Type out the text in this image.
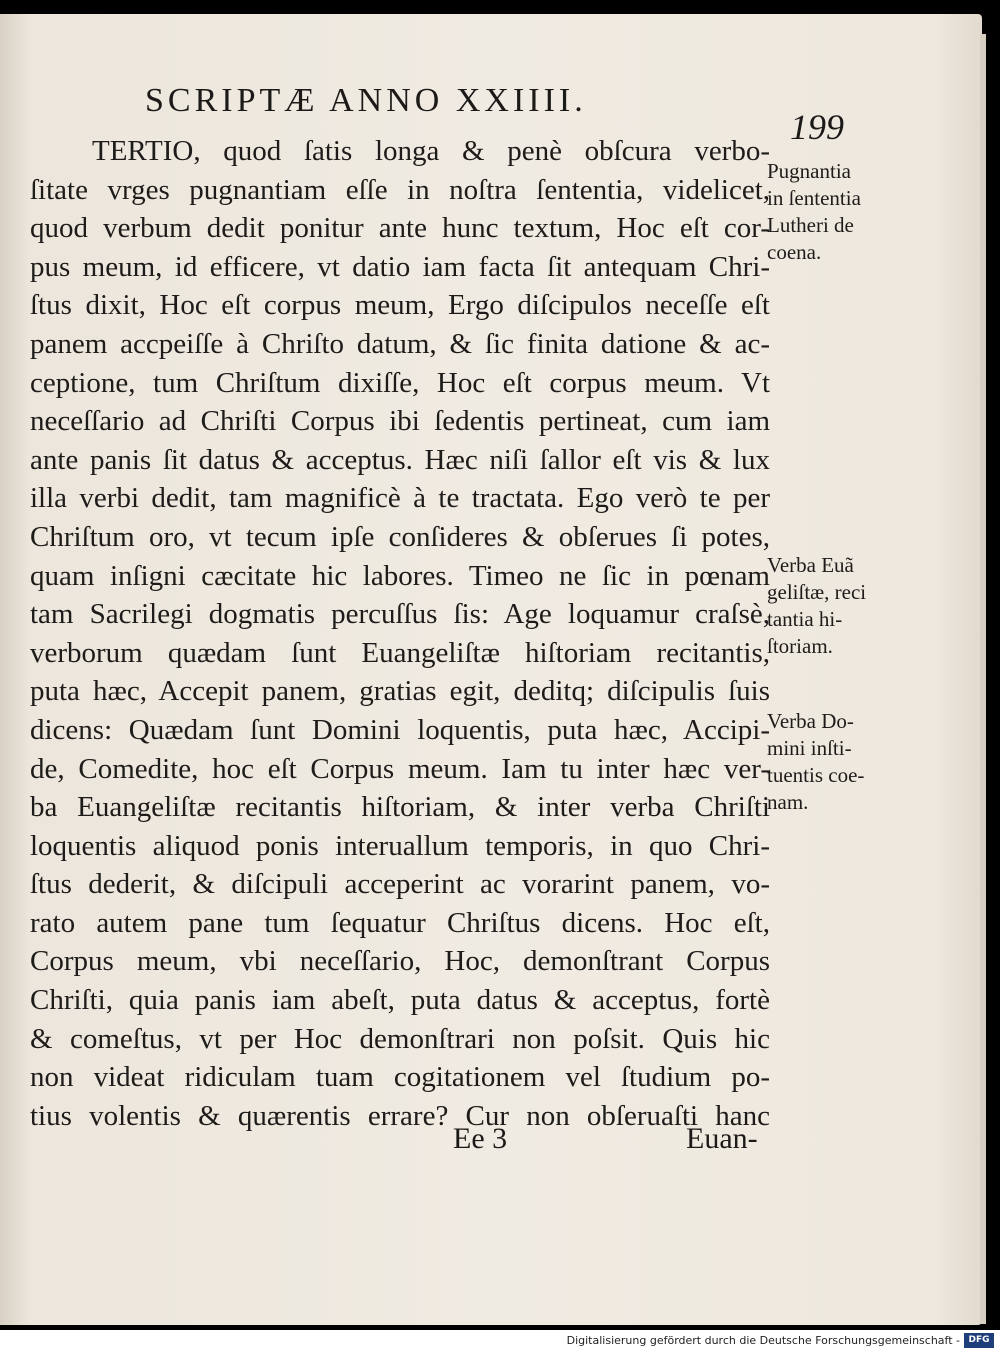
SCRIPTÆ ANNO XXIIII.
199
TERTIO, quod ſatis longa & penè obſcura verbo-
ſitate vrges pugnantiam eſſe in noſtra ſententia, videlicet,
quod verbum dedit ponitur ante hunc textum, Hoc eſt cor-
pus meum, id efficere, vt datio iam facta ſit antequam Chri-
ſtus dixit, Hoc eſt corpus meum, Ergo diſcipulos neceſſe eſt
panem accpeiſſe à Chriſto datum, & ſic finita datione & ac-
ceptione, tum Chriſtum dixiſſe, Hoc eſt corpus meum. Vt
neceſſario ad Chriſti Corpus ibi ſedentis pertineat, cum iam
ante panis ſit datus & acceptus. Hæc niſi ſallor eſt vis & lux
illa verbi dedit, tam magnificè à te tractata. Ego verò te per
Chriſtum oro, vt tecum ipſe conſideres & obſerues ſi potes,
quam inſigni cæcitate hic labores. Timeo ne ſic in pœnam
tam Sacrilegi dogmatis percuſſus ſis: Age loquamur craſsè,
verborum quædam ſunt Euangeliſtæ hiſtoriam recitantis,
puta hæc, Accepit panem, gratias egit, deditq; diſcipulis ſuis
dicens: Quædam ſunt Domini loquentis, puta hæc, Accipi-
de, Comedite, hoc eſt Corpus meum. Iam tu inter hæc ver-
ba Euangeliſtæ recitantis hiſtoriam, & inter verba Chriſti
loquentis aliquod ponis interuallum temporis, in quo Chri-
ſtus dederit, & diſcipuli acceperint ac vorarint panem, vo-
rato autem pane tum ſequatur Chriſtus dicens. Hoc eſt,
Corpus meum, vbi neceſſario, Hoc, demonſtrant Corpus
Chriſti, quia panis iam abeſt, puta datus & acceptus, fortè
& comeſtus, vt per Hoc demonſtrari non poſsit. Quis hic
non videat ridiculam tuam cogitationem vel ſtudium po-
tius volentis & quærentis errare? Cur non obſeruaſti hanc
Pugnantia
in ſententia
Lutheri de
coena.
Verba Euã
geliſtæ, reci
tantia hi-
ſtoriam.
Verba Do-
mini inſti-
tuentis coe-
nam.
Ee 3	Euan-
Digitalisierung gefördert durch die Deutsche Forschungsgemeinschaft - DFG
